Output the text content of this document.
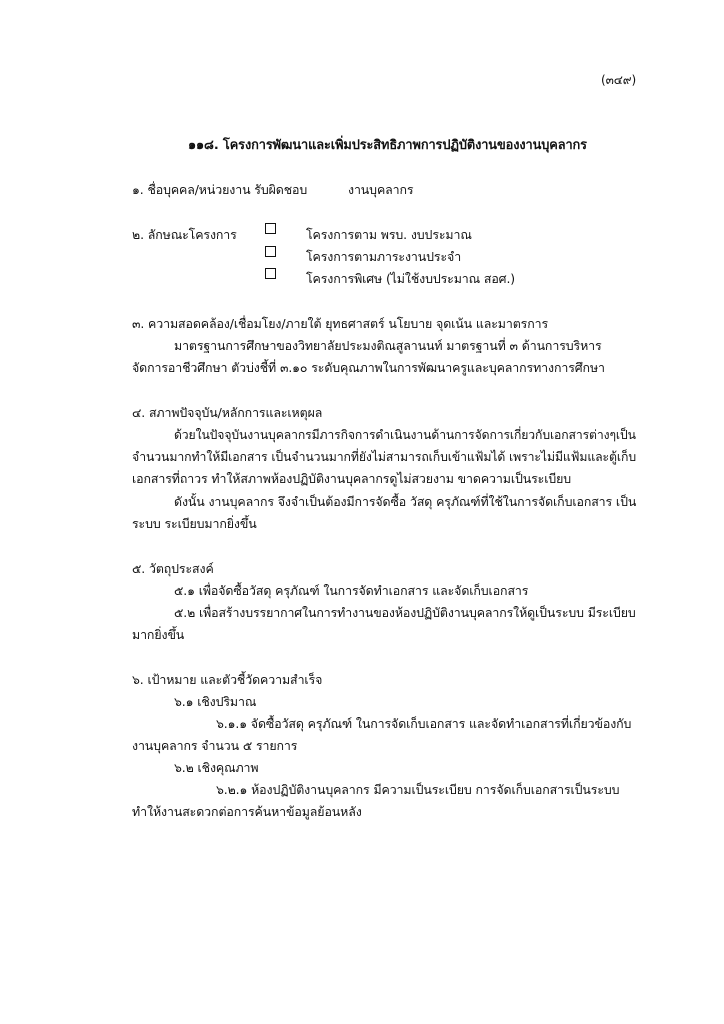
(๓๔๙)
๑๑๘. โครงการพัฒนาและเพิ่มประสิทธิภาพการปฏิบัติงานของงานบุคลากร
๑. ชื่อบุคคล/หน่วยงาน รับผิดชอบ	งานบุคลากร
๒. ลักษณะโครงการ	โครงการตาม พรบ. งบประมาณ
โครงการตามภาระงานประจำ
โครงการพิเศษ (ไม่ใช้งบประมาณ สอศ.)
๓. ความสอดคล้อง/เชื่อมโยง/ภายใต้ ยุทธศาสตร์ นโยบาย จุดเน้น และมาตรการ
มาตรฐานการศึกษาของวิทยาลัยประมงติณสูลานนท์ มาตรฐานที่ ๓ ด้านการบริหาร
จัดการอาชีวศึกษา ตัวบ่งชี้ที่ ๓.๑๐ ระดับคุณภาพในการพัฒนาครูและบุคลากรทางการศึกษา
๔. สภาพปัจจุบัน/หลักการและเหตุผล
ด้วยในปัจจุบันงานบุคลากรมีภารกิจการดำเนินงานด้านการจัดการเกี่ยวกับเอกสารต่างๆเป็น
จำนวนมากทำให้มีเอกสาร เป็นจำนวนมากที่ยังไม่สามารถเก็บเข้าแฟ้มได้ เพราะไม่มีแฟ้มและตู้เก็บ
เอกสารที่ถาวร ทำให้สภาพห้องปฏิบัติงานบุคลากรดูไม่สวยงาม ขาดความเป็นระเบียบ
ดังนั้น งานบุคลากร จึงจำเป็นต้องมีการจัดซื้อ วัสดุ ครุภัณฑ์ที่ใช้ในการจัดเก็บเอกสาร เป็น
ระบบ ระเบียบมากยิ่งขึ้น
๕. วัตถุประสงค์
๕.๑ เพื่อจัดซื้อวัสดุ ครุภัณฑ์ ในการจัดทำเอกสาร และจัดเก็บเอกสาร
๕.๒ เพื่อสร้างบรรยากาศในการทำงานของห้องปฏิบัติงานบุคลากรให้ดูเป็นระบบ มีระเบียบ
มากยิ่งขึ้น
๖. เป้าหมาย และตัวชี้วัดความสำเร็จ
๖.๑ เชิงปริมาณ
๖.๑.๑ จัดซื้อวัสดุ ครุภัณฑ์ ในการจัดเก็บเอกสาร และจัดทำเอกสารที่เกี่ยวข้องกับ
งานบุคลากร จำนวน ๕ รายการ
๖.๒ เชิงคุณภาพ
๖.๒.๑ ห้องปฏิบัติงานบุคลากร มีความเป็นระเบียบ การจัดเก็บเอกสารเป็นระบบ
ทำให้งานสะดวกต่อการค้นหาข้อมูลย้อนหลัง
